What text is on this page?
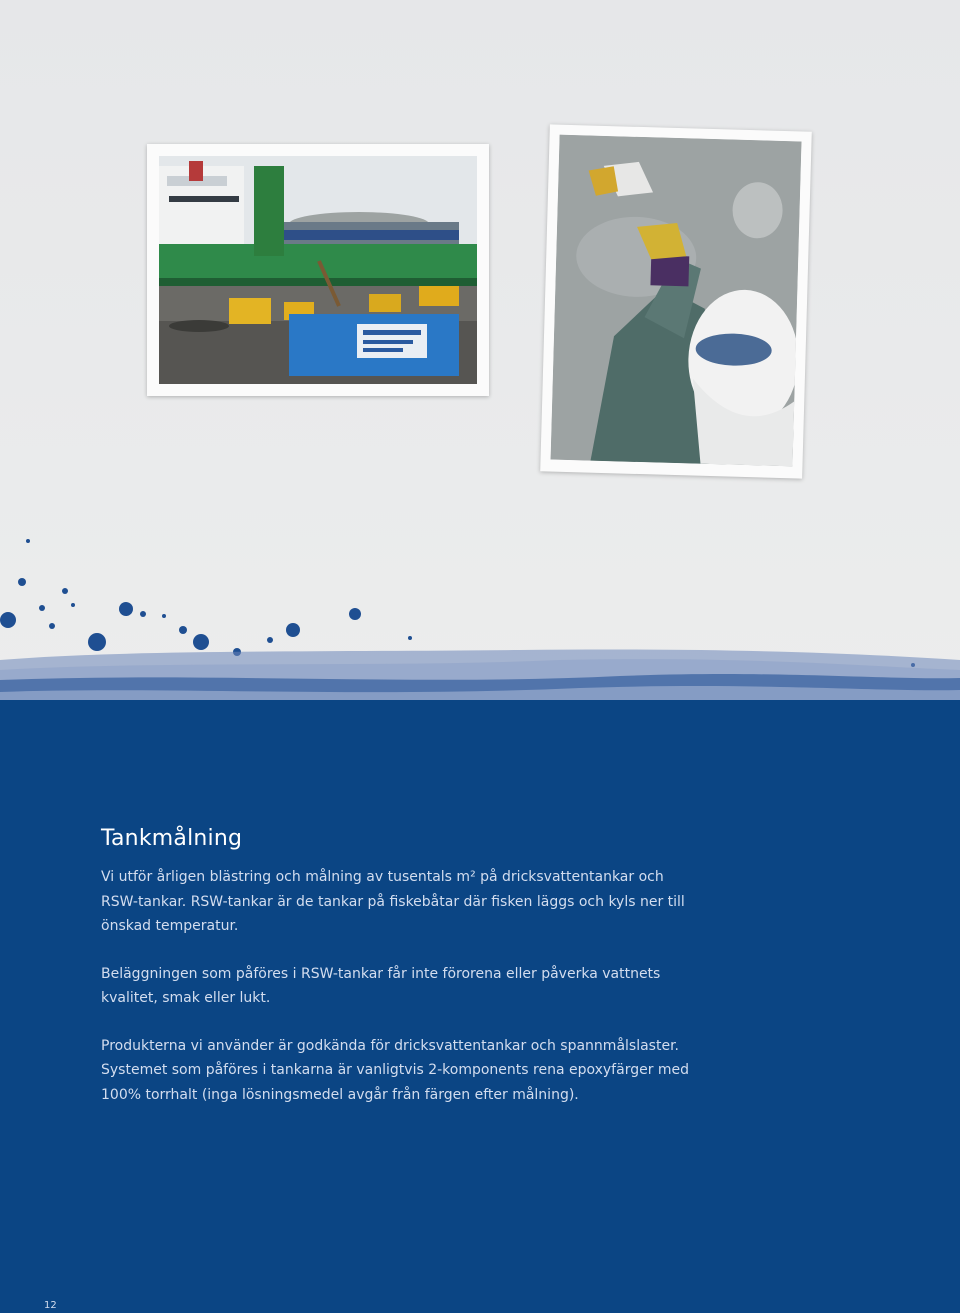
Tankmålning

Vi utför årligen blästring och målning av tusentals m² på dricksvattentankar och RSW-tankar. RSW-tankar är de tankar på fiskebåtar där fisken läggs och kyls ner till önskad temperatur.

Beläggningen som påföres i RSW-tankar får inte förorena eller påverka vattnets kvalitet, smak eller lukt.

Produkterna vi använder är godkända för dricksvattentankar och spannmålslaster. Systemet som påföres i tankarna är vanligtvis 2-komponents rena epoxyfärger med 100% torrhalt (inga lösningsmedel avgår från färgen efter målning).

12
